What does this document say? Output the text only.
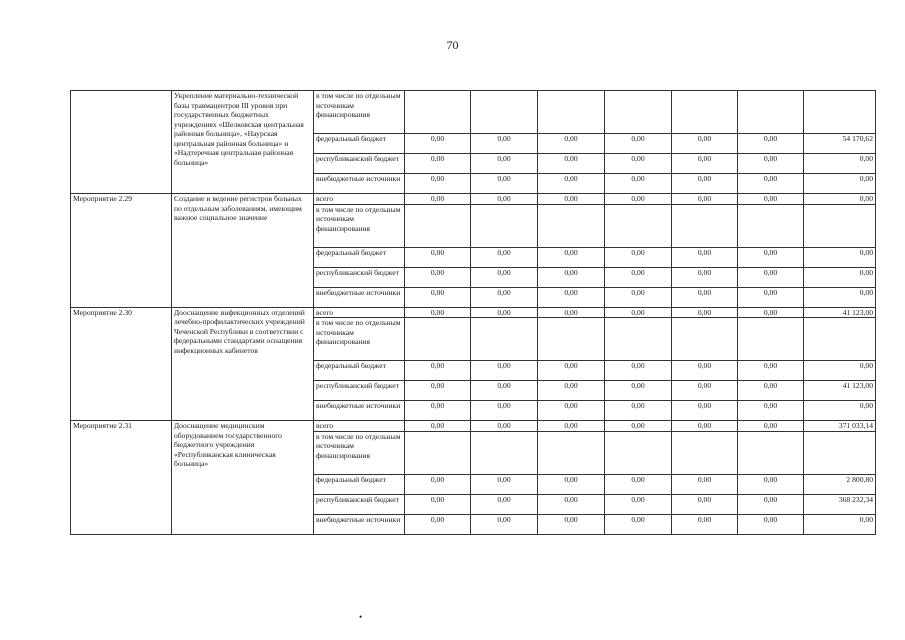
70
	Укрепление материально-технической базы травмацентров III уровня при государственных бюджетных учреждениях «Шелковская центральная районная больница», «Наурская центральная районная больница» и «Надтеречная центральная районная больница»	в том числе по отдельным источникам финансирования							
		федеральный бюджет	0,00	0,00	0,00	0,00	0,00	0,00	54 170,62
		республиканский бюджет	0,00	0,00	0,00	0,00	0,00	0,00	0,00
		внебюджетные источники	0,00	0,00	0,00	0,00	0,00	0,00	0,00
Мероприятие 2.29	Создание и ведение регистров больных по отдельным заболеваниям, имеющим важное социальное значение	всего	0,00	0,00	0,00	0,00	0,00	0,00	0,00
		в том числе по отдельным источникам финансирования							
		федеральный бюджет	0,00	0,00	0,00	0,00	0,00	0,00	0,00
		республиканский бюджет	0,00	0,00	0,00	0,00	0,00	0,00	0,00
		внебюджетные источники	0,00	0,00	0,00	0,00	0,00	0,00	0,00
Мероприятие 2.30	Дооснащение инфекционных отделений лечебно-профилактических учреждений Чеченской Республики в соответствии с федеральными стандартами оснащения инфекционных кабинетов	всего	0,00	0,00	0,00	0,00	0,00	0,00	41 123,00
		в том числе по отдельным источникам финансирования							
		федеральный бюджет	0,00	0,00	0,00	0,00	0,00	0,00	0,00
		республиканский бюджет	0,00	0,00	0,00	0,00	0,00	0,00	41 123,00
		внебюджетные источники	0,00	0,00	0,00	0,00	0,00	0,00	0,00
Мероприятие 2.31	Дооснащение медицинским оборудованием государственного бюджетного учреждения «Республиканская клиническая больница»	всего	0,00	0,00	0,00	0,00	0,00	0,00	371 033,14
		в том числе по отдельным источникам финансирования							
		федеральный бюджет	0,00	0,00	0,00	0,00	0,00	0,00	2 800,80
		республиканский бюджет	0,00	0,00	0,00	0,00	0,00	0,00	368 232,34
		внебюджетные источники	0,00	0,00	0,00	0,00	0,00	0,00	0,00
•
